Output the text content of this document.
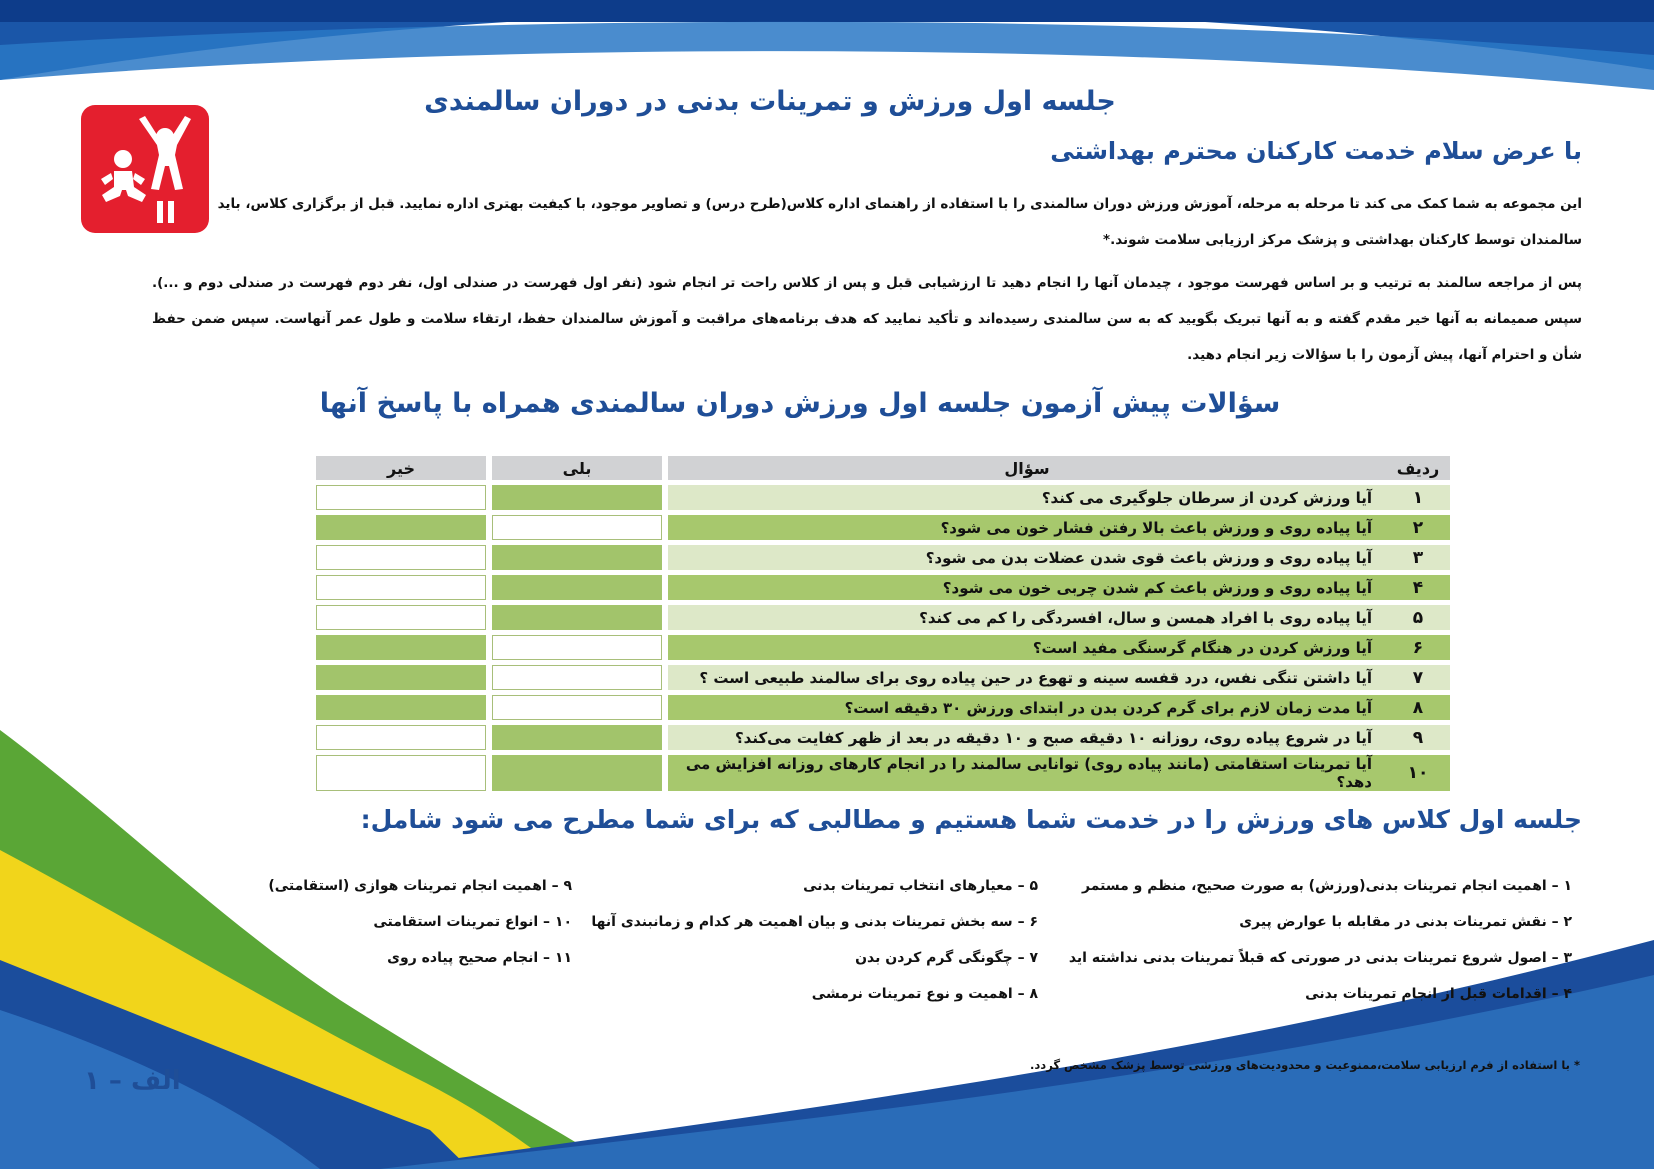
جلسه اول ورزش و تمرینات بدنی در دوران سالمندی
با عرض سلام خدمت کارکنان محترم بهداشتی
این مجموعه به شما کمک می کند تا مرحله به مرحله، آموزش ورزش دوران سالمندی را با استفاده از راهنمای اداره کلاس(طرح درس) و تصاویر موجود، با کیفیت بهتری اداره نمایید. قبل از برگزاری کلاس، باید سالمندان توسط کارکنان بهداشتی و پزشک مرکز ارزیابی سلامت شوند.*
پس از مراجعه سالمند به ترتیب و بر اساس فهرست موجود ، چیدمان آنها را انجام دهید تا ارزشیابی قبل و پس از کلاس راحت تر انجام شود (نفر اول فهرست در صندلی اول، نفر دوم فهرست در صندلی دوم و ...). سپس صمیمانه به آنها خیر مقدم گفته و به آنها تبریک بگویید که به سن سالمندی رسیده‌اند و تأکید نمایید که هدف برنامه‌های مراقبت و آموزش سالمندان حفظ، ارتقاء سلامت و طول عمر آنهاست. سپس ضمن حفظ شأن و احترام آنها، پیش آزمون را با سؤالات زیر انجام دهید.
سؤالات پیش آزمون جلسه اول ورزش دوران سالمندی همراه با پاسخ آنها
ردیف	سؤال		بلی		خیر
۱	آیا ورزش کردن از سرطان جلوگیری می کند؟				
۲	آیا پیاده روی و ورزش باعث بالا رفتن فشار خون می شود؟				
۳	آیا پیاده روی و ورزش باعث قوی شدن عضلات بدن می شود؟				
۴	آیا پیاده روی و ورزش باعث کم شدن چربی خون می شود؟				
۵	آیا پیاده روی با افراد همسن و سال، افسردگی را کم می کند؟				
۶	آیا ورزش کردن در هنگام گرسنگی مفید است؟				
۷	آیا داشتن تنگی نفس، درد قفسه سینه و تهوع در حین پیاده روی برای سالمند طبیعی است ؟				
۸	آیا مدت زمان لازم برای گرم کردن بدن در ابتدای ورزش ۳۰ دقیقه است؟				
۹	آیا در شروع پیاده روی، روزانه ۱۰ دقیقه صبح و ۱۰ دقیقه در بعد از ظهر کفایت می‌کند؟				
۱۰	آیا تمرینات استقامتی (مانند پیاده روی) توانایی سالمند را در انجام کارهای روزانه افزایش می دهد؟				
جلسه اول کلاس های ورزش را در خدمت شما هستیم و مطالبی که برای شما مطرح می شود شامل:
۱ – اهمیت انجام تمرینات بدنی(ورزش) به صورت صحیح، منظم و مستمر
۲ – نقش تمرینات بدنی در مقابله با عوارض پیری
۳ – اصول شروع تمرینات بدنی در صورتی که قبلاً تمرینات بدنی نداشته اید
۴ – اقدامات قبل از انجام تمرینات بدنی
۵ – معیارهای انتخاب تمرینات بدنی
۶ – سه بخش تمرینات بدنی و بیان اهمیت هر کدام و زمانبندی آنها
۷ – چگونگی گرم کردن بدن
۸ – اهمیت و نوع تمرینات نرمشی
۹ – اهمیت انجام تمرینات هوازی (استقامتی)
۱۰ – انواع تمرینات استقامتی
۱۱ – انجام صحیح پیاده روی
* با استفاده از فرم ارزیابی سلامت،ممنوعیت و محدودیت‌های ورزشی توسط پزشک مشخص گردد.
الف – ۱
